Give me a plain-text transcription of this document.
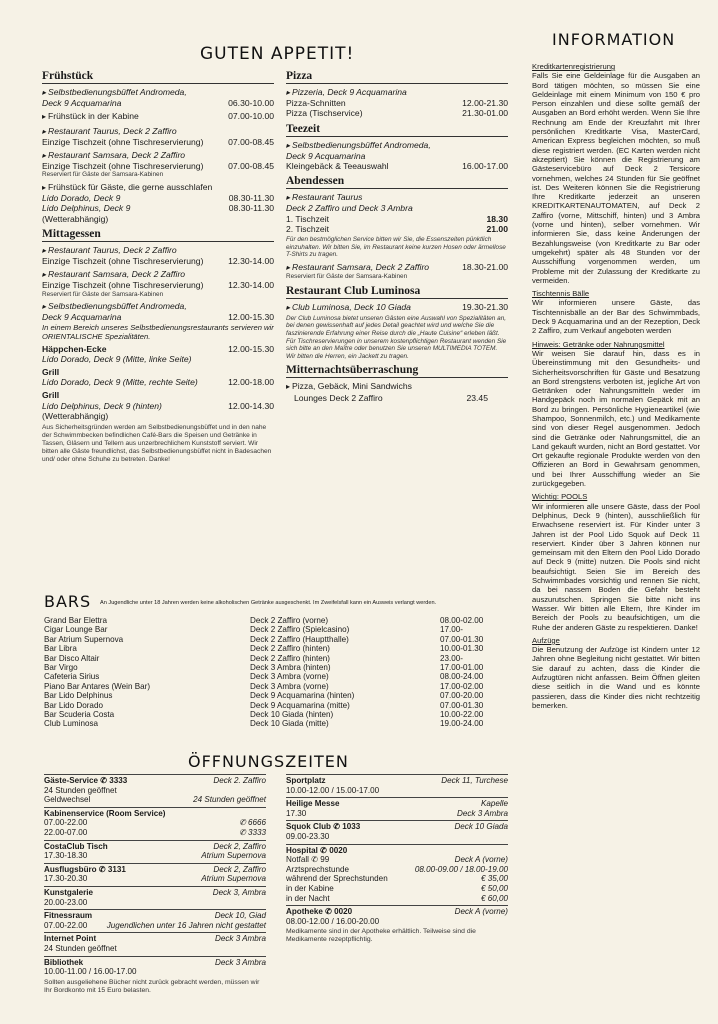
GUTEN APPETIT!
INFORMATION
Frühstück
▸ Selbstbedienungsbüffet Andromeda,
Deck 9 Acquamarina	06.30-10.00
▸ Frühstück in der Kabine	07.00-10.00
▸ Restaurant Taurus, Deck 2 Zaffiro
Einzige Tischzeit (ohne Tischreservierung)	07.00-08.45
▸ Restaurant Samsara, Deck 2 Zaffiro
Einzige Tischzeit (ohne Tischreservierung)	07.00-08.45
Reserviert für Gäste der Samsara-Kabinen
▸ Frühstück für Gäste, die gerne ausschlafen
Lido Dorado, Deck 9	08.30-11.30
Lido Delphinus, Deck 9	08.30-11.30
(Wetterabhängig)
Mittagessen
▸ Restaurant Taurus, Deck 2 Zaffiro
Einzige Tischzeit (ohne Tischreservierung)	12.30-14.00
▸ Restaurant Samsara, Deck 2 Zaffiro
Einzige Tischzeit (ohne Tischreservierung)	12.30-14.00
Reserviert für Gäste der Samsara-Kabinen
▸ Selbstbedienungsbüffet Andromeda,
Deck 9 Acquamarina	12.00-15.30
In einem Bereich unseres Selbstbedienungsrestaurants servieren wir ORIENTALISCHE Spezialitäten.
Häppchen-Ecke	12.00-15.30
Lido Dorado, Deck 9 (Mitte, linke Seite)
Grill
Lido Dorado, Deck 9 (Mitte, rechte Seite)	12.00-18.00
Grill
Lido Delphinus, Deck 9 (hinten)	12.00-14.30
(Wetterabhängig)
Aus Sicherheitsgründen werden am Selbstbedienungsbüffet und in den nahe der Schwimmbecken befindlichen Café-Bars die Speisen und Getränke in Tassen, Gläsern und Tellern aus unzerbrechlichem Kunststoff serviert. Wir bitten alle Gäste freundlichst, das Selbstbedienungsbüffet nicht in Badesachen und/ oder ohne Schuhe zu betreten. Danke!
Pizza
▸ Pizzeria, Deck 9 Acquamarina
Pizza-Schnitten	12.00-21.30
Pizza (Tischservice)	21.30-01.00
Teezeit
▸ Selbstbedienungsbüffet Andromeda,
Deck 9 Acquamarina
Kleingebäck & Teeauswahl	16.00-17.00
Abendessen
▸ Restaurant Taurus
Deck 2 Zaffiro und Deck 3 Ambra
1. Tischzeit	18.30
2. Tischzeit	21.00
Für den bestmöglichen Service bitten wir Sie, die Essenszeiten pünktlich einzuhalten. Wir bitten Sie, im Restaurant keine kurzen Hosen oder ärmellose T-Shirts zu tragen.
▸ Restaurant Samsara, Deck 2 Zaffiro	18.30-21.00
Reserviert für Gäste der Samsara-Kabinen
Restaurant Club Luminosa
▸ Club Luminosa, Deck 10 Giada	19.30-21.30
Der Club Luminosa bietet unseren Gästen eine Auswahl von Spezialitäten an, bei denen gewissenhaft auf jedes Detail geachtet wird und welche Sie die faszinierende Erfahrung einer Reise durch die „Haute Cuisine“ erleben läßt. Für Tischreservierungen in unserem kostenpflichtigen Restaurant wenden Sie sich bitte an den Maître oder benutzen Sie unseren MULTIMEDIA TOTEM. Wir bitten die Herren, ein Jackett zu tragen.
Mitternachtsüberraschung
▸ Pizza, Gebäck, Mini Sandwichs
Lounges Deck 2 Zaffiro	23.45
Kreditkartenregistrierung
Falls Sie eine Geldeinlage für die Ausgaben an Bord tätigen möchten, so müssen Sie eine Geldeinlage mit einem Minimum von 150 € pro Person einzahlen und diese sollte gemäß der Ausgaben an Bord erhöht werden. Wenn Sie Ihre Rechnung am Ende der Kreuzfahrt mit Ihrer persönlichen Kreditkarte Visa, MasterCard, American Express begleichen möchten, so muß diese registriert werden. (EC Karten werden nicht akzeptiert) Sie können die Registrierung am Gästeservicebüro auf Deck 2 Tersicore vornehmen, welches 24 Stunden für Sie geöffnet ist. Des Weiteren können Sie die Registrierung Ihre Kreditkarte jederzeit an unseren KREDITKARTENAUTOMATEN, auf Deck 2 Zaffiro (vorne, Mittschiff, hinten) und 3 Ambra (vorne und hinten), selber vornehmen. Wir informieren Sie, dass keine Änderungen der Bezahlungsweise (von Kreditkarte zu Bar oder umgekehrt) später als 48 Stunden vor der Ausschiffung vorgenommen werden, um Probleme mit der Zulassung der Kreditkarte zu vermeiden.
Tischtennis Bälle
Wir informieren unsere Gäste, das Tischtennisbälle an der Bar des Schwimmbads, Deck 9 Acquamarina und an der Rezeption, Deck 2 Zaffiro, zum Verkauf angeboten werden
Hinweis: Getränke oder Nahrungsmittel
Wir weisen Sie darauf hin, dass es in Übereinstimmung mit den Gesundheits- und Sicherheitsvorschriften für Gäste und Besatzung an Bord strengstens verboten ist, jegliche Art von Getränken oder Nahrungsmitteln weder im Handgepäck noch im normalen Gepäck mit an Bord zu bringen. Persönliche Hygieneartikel (wie Shampoo, Sonnenmilch, etc.) und Medikamente sind von dieser Regel ausgenommen. Jedoch sind die Getränke oder Nahrungsmittel, die an Land gekauft wurden, nicht an Bord gestattet. Vor Ort gekaufte regionale Produkte werden von den Offizieren an Bord in Gewahrsam genommen, und bei Ihrer Ausschiffung wieder an Sie zurückgegeben.
Wichtig: POOLS
Wir informieren alle unsere Gäste, dass der Pool Delphinus, Deck 9 (hinten), ausschließlich für Erwachsene reserviert ist. Für Kinder unter 3 Jahren ist der Pool Lido Squok auf Deck 11 reserviert. Kinder über 3 Jahren können nur gemeinsam mit den Eltern den Pool Lido Dorado auf Deck 9 (mitte) nutzen. Die Pools sind nicht beaufsichtigt. Seien Sie im Bereich des Schwimmbades vorsichtig und rennen Sie nicht, da bei nassem Boden die Gefahr besteht auszurutschen. Springen Sie bitte nicht ins Wasser. Wir bitten alle Eltern, Ihre Kinder im Bereich der Pools zu beaufsichtigen, um die Ruhe der anderen Gäste zu respektieren. Danke!
Aufzüge
Die Benutzung der Aufzüge ist Kindern unter 12 Jahren ohne Begleitung nicht gestattet. Wir bitten Sie darauf zu achten, dass die Kinder die Aufzugtüren nicht anfassen. Beim Öffnen gleiten diese seitlich in die Wand und es könnte passieren, dass die Kinder dies nicht rechtzeitig bemerken.
BARS An Jugendliche unter 18 Jahren werden keine alkoholischen Getränke ausgeschenkt. Im Zweifelsfall kann ein Ausweis verlangt werden.
Grand Bar Elettra	Deck 2 Zaffiro (vorne)	08.00-02.00
Cigar Lounge Bar	Deck 2 Zaffiro (Spielcasino)	17.00-
Bar Atrium Supernova	Deck 2 Zaffiro (Hauptthalle)	07.00-01.30
Bar Libra	Deck 2 Zaffiro (hinten)	10.00-01.30
Bar Disco Altair	Deck 2 Zaffiro (hinten)	23.00-
Bar Virgo	Deck 3 Ambra (hinten)	17.00-01.00
Cafeteria Sirius	Deck 3 Ambra (vorne)	08.00-24.00
Piano Bar Antares (Wein Bar)	Deck 3 Ambra (vorne)	17.00-02.00
Bar Lido Delphinus	Deck 9 Acquamarina (hinten)	07.00-20.00
Bar Lido Dorado	Deck 9 Acquamarina (mitte)	07.00-01.30
Bar Scuderia Costa	Deck 10 Giada (hinten)	10.00-22.00
Club Luminosa	Deck 10 Giada (mitte)	19.00-24.00
ÖFFNUNGSZEITEN
Gäste-Service ✆ 3333	Deck 2. Zaffiro
24 Stunden geöffnet
Geldwechsel	24 Stunden geöffnet
Kabinenservice (Room Service)
07.00-22.00	✆ 6666
22.00-07.00	✆ 3333
CostaClub Tisch	Deck 2, Zaffiro
17.30-18.30	Atrium Supernova
Ausflugsbüro ✆ 3131	Deck 2, Zaffiro
17.30-20.30	Atrium Supernova
Kunstgalerie	Deck 3, Ambra
20.00-23.00
Fitnessraum	Deck 10, Giad
07.00-22.00 Jugendlichen unter 16 Jahren nicht gestattet
Internet Point	Deck 3 Ambra
24 Stunden geöffnet
Bibliothek	Deck 3 Ambra
10.00-11.00 / 16.00-17.00
Sollten ausgeliehene Bücher nicht zurück gebracht werden, müssen wir Ihr Bordkonto mit 15 Euro belasten.
Sportplatz	Deck 11, Turchese
10.00-12.00 / 15.00-17.00
Heilige Messe	Kapelle
17.30	Deck 3 Ambra
Squok Club ✆ 1033	Deck 10 Giada
09.00-23.30
Hospital ✆ 0020
Notfall ✆ 99	Deck A (vorne)
Arztsprechstunde	08.00-09.00 / 18.00-19.00
während der Sprechstunden	€ 35,00
in der Kabine	€ 50,00
in der Nacht	€ 60,00
Apotheke ✆ 0020	Deck A (vorne)
08.00-12.00 / 16.00-20.00
Medikamente sind in der Apotheke erhältlich. Teilweise sind die Medikamente rezeptpflichtig.
